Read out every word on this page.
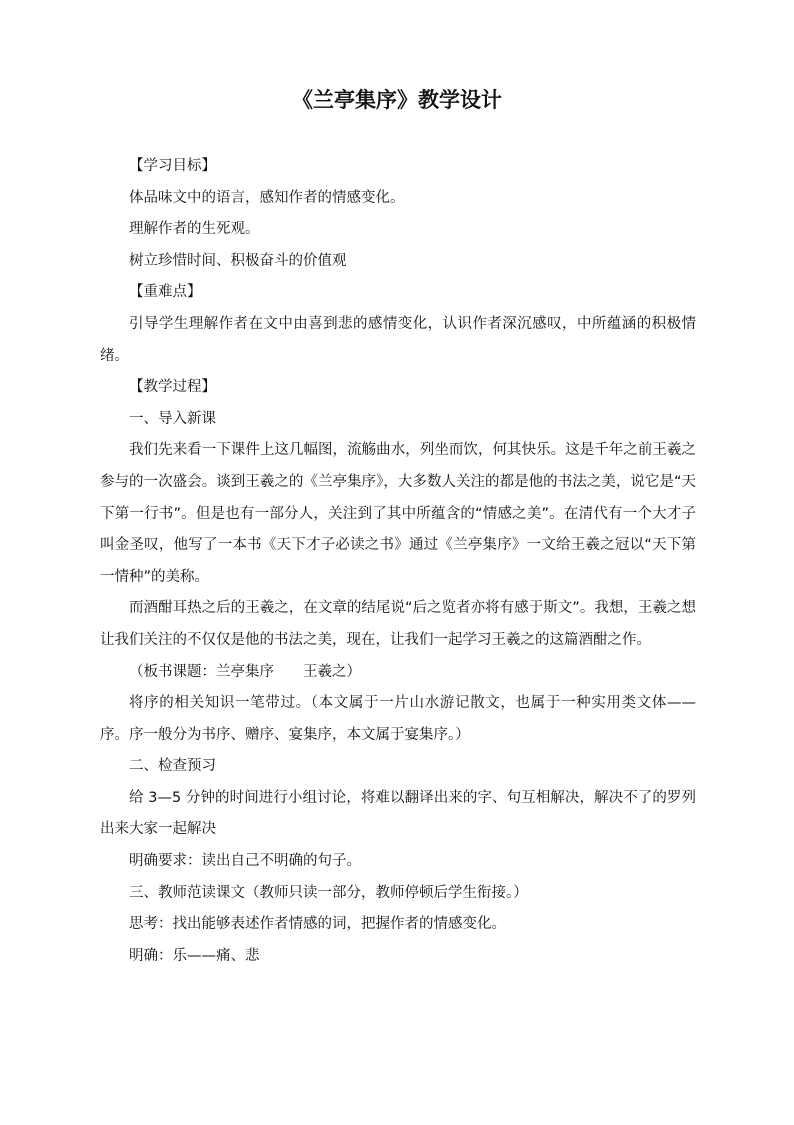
《兰亭集序》教学设计

【学习目标】

体品味文中的语言，感知作者的情感变化。

理解作者的生死观。

树立珍惜时间、积极奋斗的价值观

【重难点】

引导学生理解作者在文中由喜到悲的感情变化，认识作者深沉感叹，中所蕴涵的积极情绪。

【教学过程】

一、导入新课

我们先来看一下课件上这几幅图，流觞曲水，列坐而饮，何其快乐。这是千年之前王羲之参与的一次盛会。谈到王羲之的《兰亭集序》，大多数人关注的都是他的书法之美，说它是“天下第一行书”。但是也有一部分人，关注到了其中所蕴含的“情感之美”。在清代有一个大才子叫金圣叹，他写了一本书《天下才子必读之书》通过《兰亭集序》一文给王羲之冠以“天下第一情种”的美称。

而酒酣耳热之后的王羲之，在文章的结尾说“后之览者亦将有感于斯文”。我想，王羲之想让我们关注的不仅仅是他的书法之美，现在，让我们一起学习王羲之的这篇酒酣之作。

（板书课题：兰亭集序　　王羲之）

将序的相关知识一笔带过。（本文属于一片山水游记散文，也属于一种实用类文体——序。序一般分为书序、赠序、宴集序，本文属于宴集序。）

二、检查预习

给 3—5 分钟的时间进行小组讨论，将难以翻译出来的字、句互相解决，解决不了的罗列出来大家一起解决

明确要求：读出自己不明确的句子。

三、教师范读课文（教师只读一部分，教师停顿后学生衔接。）

思考：找出能够表述作者情感的词，把握作者的情感变化。

明确：乐——痛、悲
